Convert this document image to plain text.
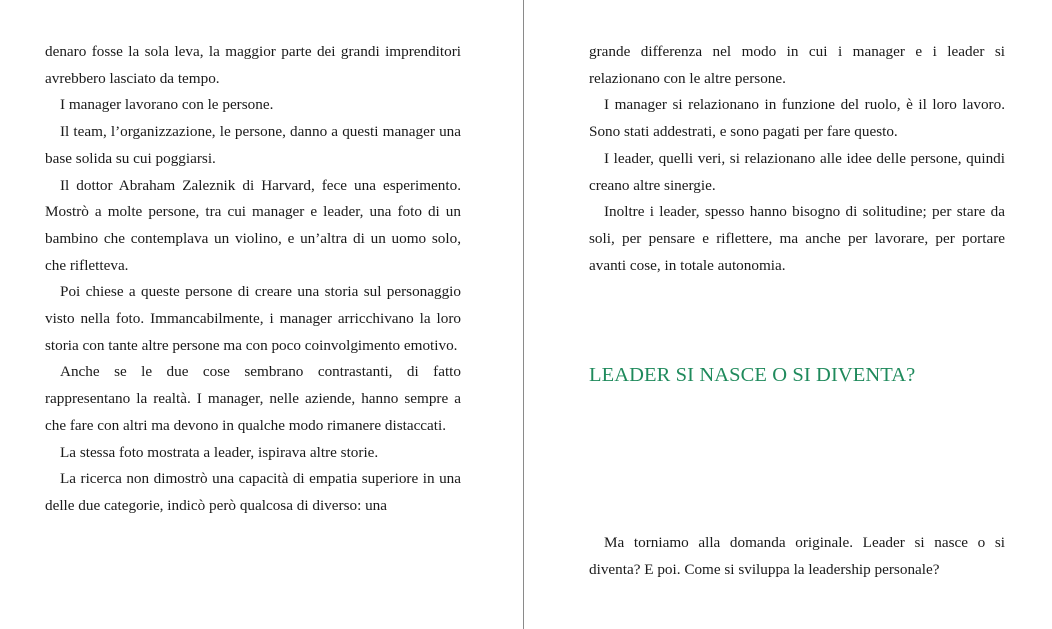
denaro fosse la sola leva, la maggior parte dei grandi imprenditori avrebbero lasciato da tempo.

I manager lavorano con le persone.

Il team, l’organizzazione, le persone, danno a questi manager una base solida su cui poggiarsi.

Il dottor Abraham Zaleznik di Harvard, fece una esperimento. Mostrò a molte persone, tra cui manager e leader, una foto di un bambino che contemplava un violino, e un’altra di un uomo solo, che rifletteva.

Poi chiese a queste persone di creare una storia sul personaggio visto nella foto. Immancabilmente, i manager arricchivano la loro storia con tante altre persone ma con poco coinvolgimento emotivo.

Anche se le due cose sembrano contrastanti, di fatto rappresentano la realtà. I manager, nelle aziende, hanno sempre a che fare con altri ma devono in qualche modo rimanere distaccati.

La stessa foto mostrata a leader, ispirava altre storie.

La ricerca non dimostrò una capacità di empatia superiore in una delle due categorie, indicò però qualcosa di diverso: una

grande differenza nel modo in cui i manager e i leader si relazionano con le altre persone.

I manager si relazionano in funzione del ruolo, è il loro lavoro. Sono stati addestrati, e sono pagati per fare questo.

I leader, quelli veri, si relazionano alle idee delle persone, quindi creano altre sinergie.

Inoltre i leader, spesso hanno bisogno di solitudine; per stare da soli, per pensare e riflettere, ma anche per lavorare, per portare avanti cose, in totale autonomia.

LEADER SI NASCE O SI DIVENTA?

Ma torniamo alla domanda originale. Leader si nasce o si diventa? E poi. Come si sviluppa la leadership personale?
